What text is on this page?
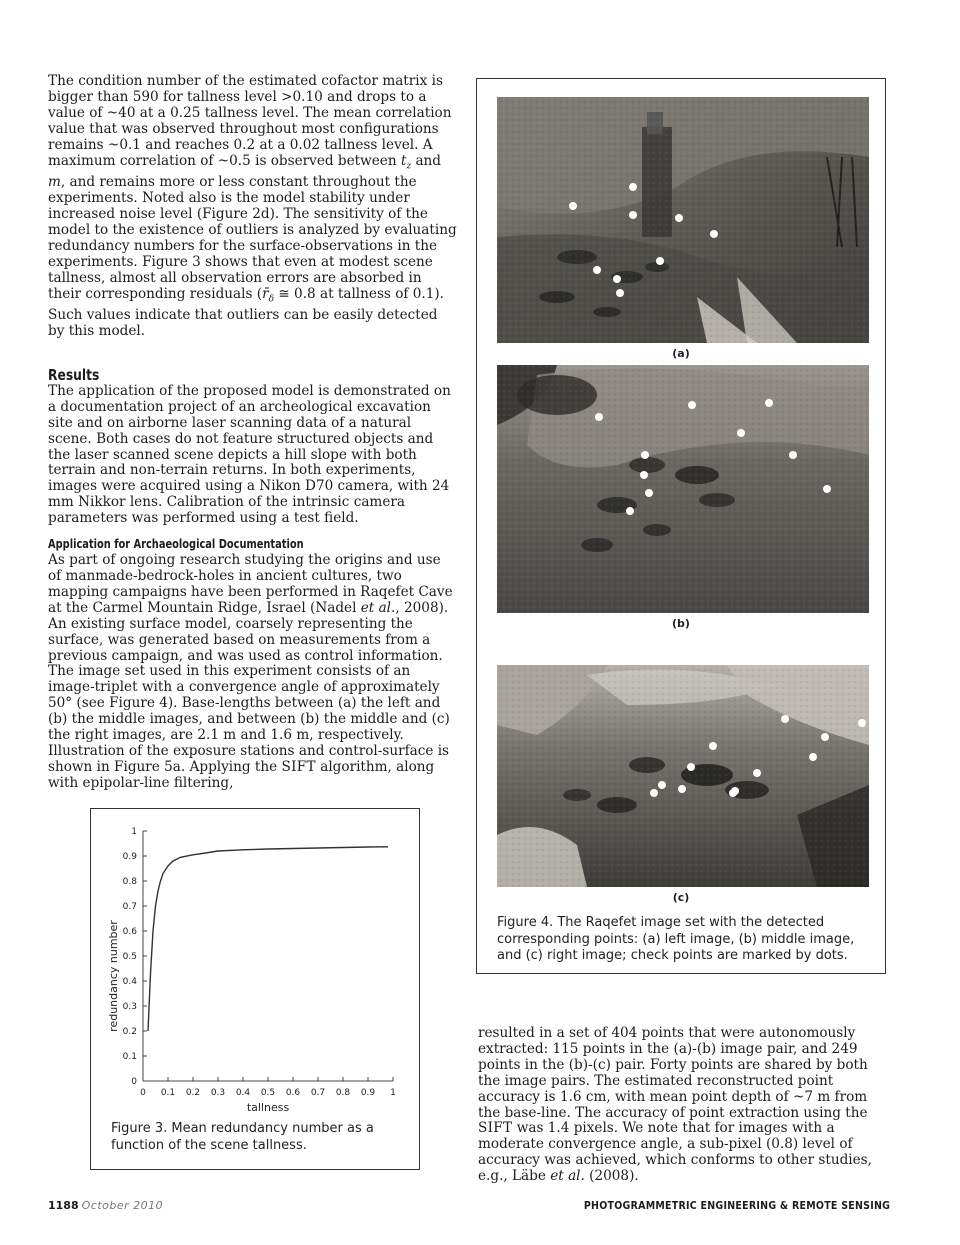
The condition number of the estimated cofactor matrix is bigger than 590 for tallness level >0.10 and drops to a value of ~40 at a 0.25 tallness level. The mean correlation value that was observed throughout most configurations remains ~0.1 and reaches 0.2 at a 0.02 tallness level. A maximum correlation of ~0.5 is observed between $t_z$ and m, and remains more or less constant throughout the experiments. Noted also is the model stability under increased noise level (Figure 2d). The sensitivity of the model to the existence of outliers is analyzed by evaluating redundancy numbers for the surface-observations in the experiments. Figure 3 shows that even at modest scene tallness, almost all observation errors are absorbed in their corresponding residuals ($r̄_\delta$ ≅ 0.8 at tallness of 0.1). Such values indicate that outliers can be easily detected by this model.

Results

The application of the proposed model is demonstrated on a documentation project of an archeological excavation site and on airborne laser scanning data of a natural scene. Both cases do not feature structured objects and the laser scanned scene depicts a hill slope with both terrain and non-terrain returns. In both experiments, images were acquired using a Nikon D70 camera, with 24 mm Nikkor lens. Calibration of the intrinsic camera parameters was performed using a test field.

Application for Archaeological Documentation

As part of ongoing research studying the origins and use of manmade-bedrock-holes in ancient cultures, two mapping campaigns have been performed in Raqefet Cave at the Carmel Mountain Ridge, Israel (Nadel et al., 2008). An existing surface model, coarsely representing the surface, was generated based on measurements from a previous campaign, and was used as control information. The image set used in this experiment consists of an image-triplet with a convergence angle of approximately 50° (see Figure 4). Base-lengths between (a) the left and (b) the middle images, and between (b) the middle and (c) the right images, are 2.1 m and 1.6 m, respectively. Illustration of the exposure stations and control-surface is shown in Figure 5a. Applying the SIFT algorithm, along with epipolar-line filtering,

(a)
(b)
(c)

Figure 4. The Raqefet image set with the detected corresponding points: (a) left image, (b) middle image, and (c) right image; check points are marked by dots.

0 0.1 0.2 0.3 0.4 0.5 0.6 0.7 0.8 0.9 1
0
0.1
0.2
0.3
0.4
0.5
0.6
0.7
0.8
0.9
1
tallness
redundancy number

Figure 3. Mean redundancy number as a function of the scene tallness.

resulted in a set of 404 points that were autonomously extracted: 115 points in the (a)-(b) image pair, and 249 points in the (b)-(c) pair. Forty points are shared by both the image pairs. The estimated reconstructed point accuracy is 1.6 cm, with mean point depth of ~7 m from the base-line. The accuracy of point extraction using the SIFT was 1.4 pixels. We note that for images with a moderate convergence angle, a sub-pixel (0.8) level of accuracy was achieved, which conforms to other studies, e.g., Läbe et al. (2008).

1188 October 2010	PHOTOGRAMMETRIC ENGINEERING & REMOTE SENSING
